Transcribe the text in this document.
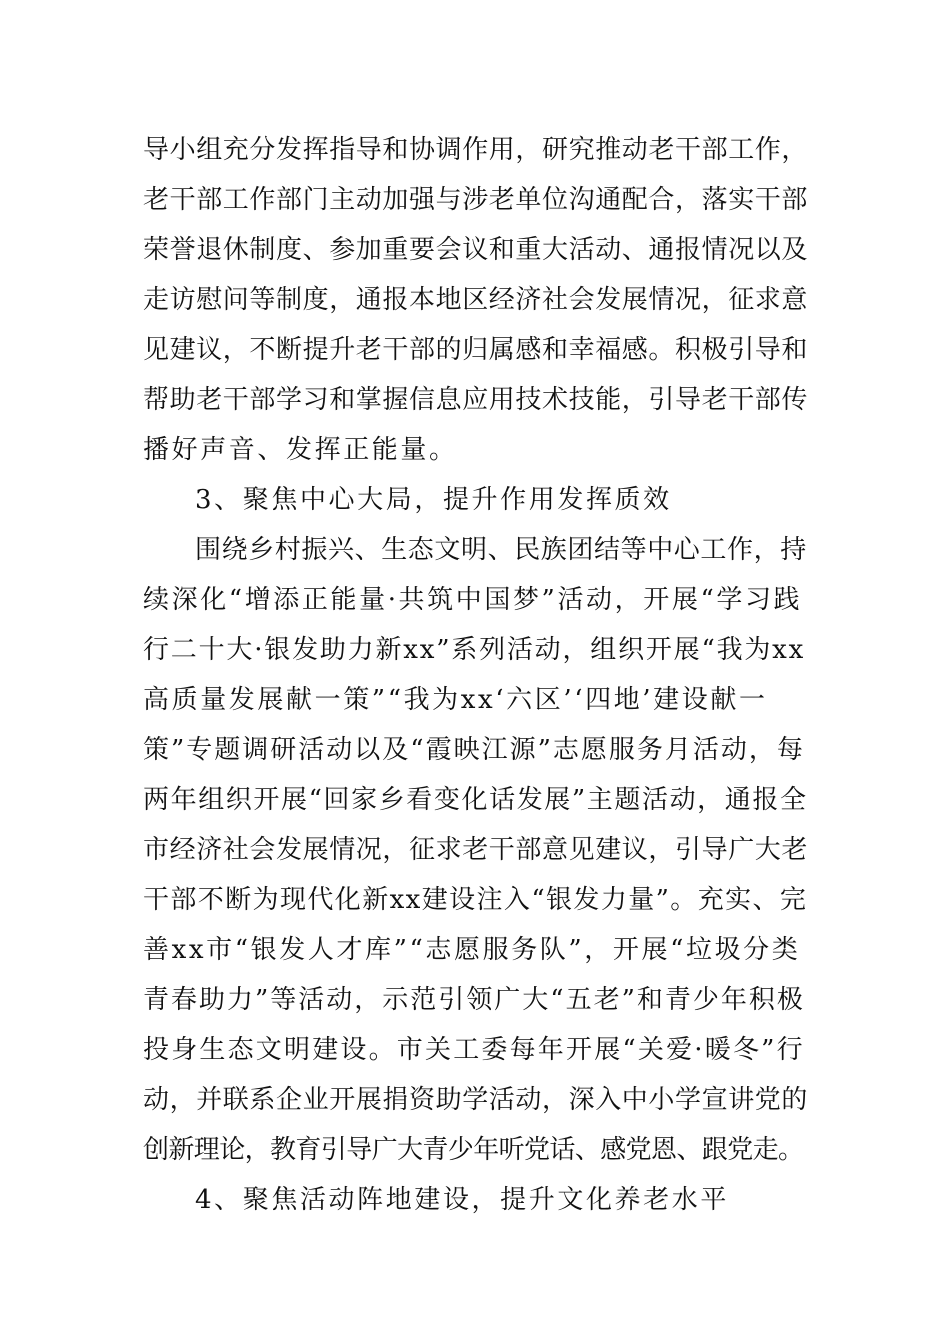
导小组充分发挥指导和协调作用，研究推动老干部工作，
老干部工作部门主动加强与涉老单位沟通配合，落实干部
荣誉退休制度、参加重要会议和重大活动、通报情况以及
走访慰问等制度，通报本地区经济社会发展情况，征求意
见建议，不断提升老干部的归属感和幸福感。积极引导和
帮助老干部学习和掌握信息应用技术技能，引导老干部传
播好声音、发挥正能量。
3、聚焦中心大局，提升作用发挥质效
围绕乡村振兴、生态文明、民族团结等中心工作，持
续深化“增添正能量·共筑中国梦”活动，开展“学习践
行二十大·银发助力新xx”系列活动，组织开展“我为xx
高质量发展献一策”“我为xx‘六区’‘四地’建设献一
策”专题调研活动以及“霞映江源”志愿服务月活动，每
两年组织开展“回家乡看变化话发展”主题活动，通报全
市经济社会发展情况，征求老干部意见建议，引导广大老
干部不断为现代化新xx建设注入“银发力量”。充实、完
善xx市“银发人才库”“志愿服务队”，开展“垃圾分类
青春助力”等活动，示范引领广大“五老”和青少年积极
投身生态文明建设。市关工委每年开展“关爱·暖冬”行
动，并联系企业开展捐资助学活动，深入中小学宣讲党的
创新理论，教育引导广大青少年听党话、感党恩、跟党走。
4、聚焦活动阵地建设，提升文化养老水平
